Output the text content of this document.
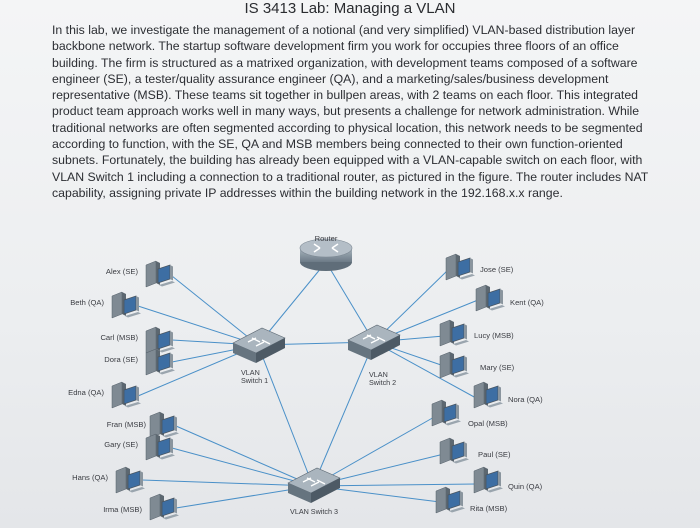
IS 3413 Lab: Managing a VLAN
In this lab, we investigate the management of a notional (and very simplified) VLAN-based distribution layer backbone network. The startup software development firm you work for occupies three floors of an office building. The firm is structured as a matrixed organization, with development teams composed of a software engineer (SE), a tester/quality assurance engineer (QA), and a marketing/sales/business development representative (MSB). These teams sit together in bullpen areas, with 2 teams on each floor. This integrated product team approach works well in many ways, but presents a challenge for network administration. While traditional networks are often segmented according to physical location, this network needs to be segmented according to function, with the SE, QA and MSB members being connected to their own function-oriented subnets. Fortunately, the building has already been equipped with a VLAN-capable switch on each floor, with VLAN Switch 1 including a connection to a traditional router, as pictured in the figure. The router includes NAT capability, assigning private IP addresses within the building network in the 192.168.x.x range.
Router
VLAN
Switch 1
VLAN
Switch 2
VLAN Switch 3
Alex (SE)
Beth (QA)
Carl (MSB)
Dora (SE)
Edna (QA)
Fran (MSB)
Gary (SE)
Hans (QA)
Irma (MSB)
Jose (SE)
Kent (QA)
Lucy (MSB)
Mary (SE)
Nora (QA)
Opal (MSB)
Paul (SE)
Quin (QA)
Rita (MSB)
